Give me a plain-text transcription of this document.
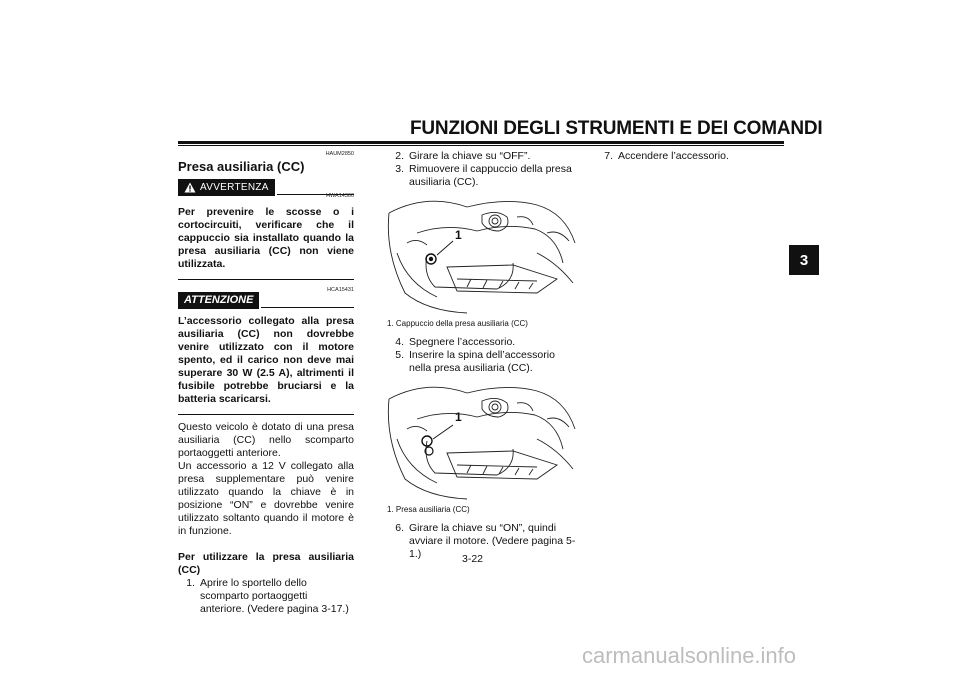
FUNZIONI DEGLI STRUMENTI E DEI COMANDI
3
HAUM2850
Presa ausiliaria (CC)
AVVERTENZA
HWA14360

Per prevenire le scosse o i cortocircuiti, verificare che il cappuccio sia installato quando la presa ausiliaria (CC) non viene utilizzata.

HCA15431
ATTENZIONE

L’accessorio collegato alla presa ausiliaria (CC) non dovrebbe venire utilizzato con il motore spento, ed il carico non deve mai superare 30 W (2.5 A), altrimenti il fusibile potrebbe bruciarsi e la batteria scaricarsi.

Questo veicolo è dotato di una presa ausiliaria (CC) nello scomparto portaoggetti anteriore.

Un accessorio a 12 V collegato alla presa supplementare può venire utilizzato quando la chiave è in posizione “ON” e dovrebbe venire utilizzato soltanto quando il motore è in funzione.

Per utilizzare la presa ausiliaria (CC)

1. Aprire lo sportello dello scomparto portaoggetti anteriore. (Vedere pagina 3-17.)
2. Girare la chiave su “OFF”.
3. Rimuovere il cappuccio della presa ausiliaria (CC).
1
1. Cappuccio della presa ausiliaria (CC)
4. Spegnere l’accessorio.
5. Inserire la spina dell’accessorio nella presa ausiliaria (CC).
1
1. Presa ausiliaria (CC)
6. Girare la chiave su “ON”, quindi avviare il motore. (Vedere pagina 5-1.)
7. Accendere l’accessorio.
3-22
carmanualsonline.info
